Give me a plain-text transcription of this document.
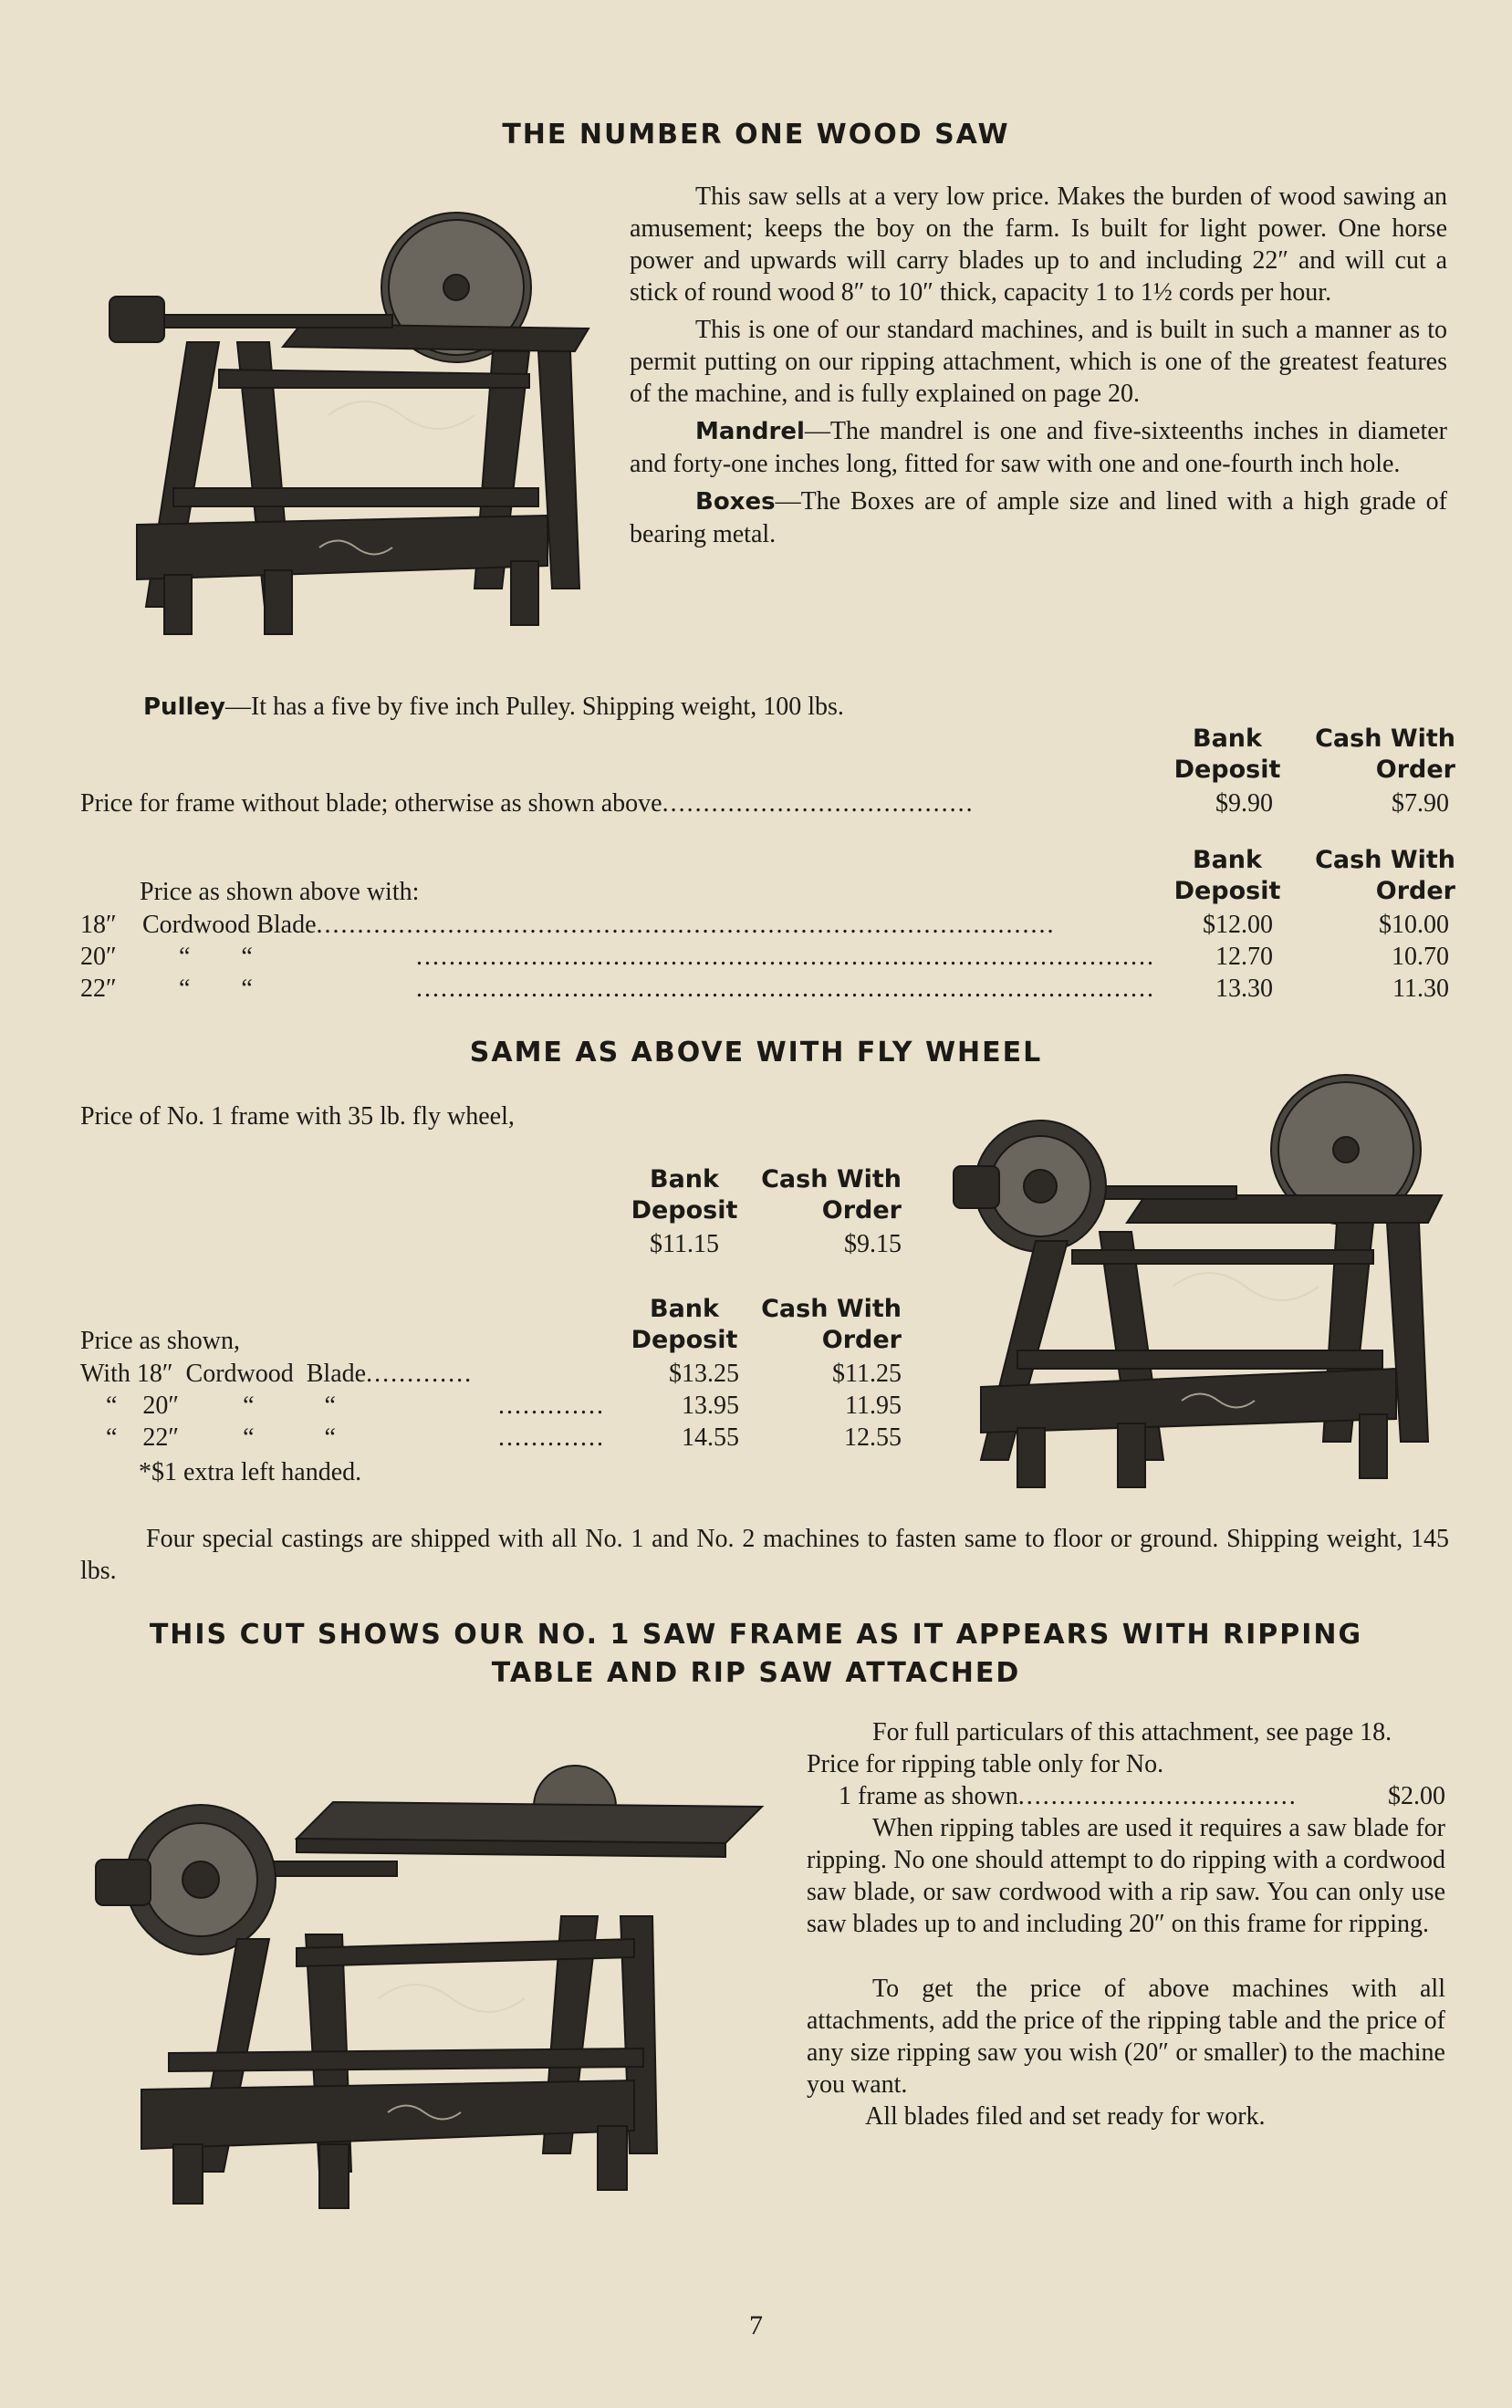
THE NUMBER ONE WOOD SAW

This saw sells at a very low price. Makes the burden of wood sawing an amusement; keeps the boy on the farm. Is built for light power. One horse power and upwards will carry blades up to and including 22″ and will cut a stick of round wood 8″ to 10″ thick, capacity 1 to 1½ cords per hour.

This is one of our standard machines, and is built in such a manner as to permit putting on our ripping attachment, which is one of the greatest features of the machine, and is fully explained on page 20.

Mandrel—The mandrel is one and five-sixteenths inches in diameter and forty-one inches long, fitted for saw with one and one-fourth inch hole.

Boxes—The Boxes are of ample size and lined with a high grade of bearing metal.

Pulley—It has a five by five inch Pulley. Shipping weight, 100 lbs.
Bank
Deposit
Cash With
Order
Price for frame without blade; otherwise as shown above ......................................	$9.90	$7.90
Bank
Deposit
Cash With
Order
Price as shown above with:
18″	Cordwood Blade ..........................................................................................	$12.00	$10.00
20″	“        “	..........................................................................................	12.70	10.70
22″	“        “	..........................................................................................	13.30	11.30
SAME AS ABOVE WITH FLY WHEEL
Price of No. 1 frame with 35 lb. fly wheel,
Bank
Deposit
Cash With
Order
$11.15	$9.15
Bank
Deposit
Cash With
Order
Price as shown,
With 18″  Cordwood  Blade .............	$13.25	$11.25
“    20″          “           “	.............	13.95	11.95
“    22″          “           “	.............	14.55	12.55
*$1 extra left handed.
Four special castings are shipped with all No. 1 and No. 2 machines to fasten same to floor or ground. Shipping weight, 145 lbs.
THIS CUT SHOWS OUR NO. 1 SAW FRAME AS IT APPEARS WITH RIPPING
TABLE AND RIP SAW ATTACHED

For full particulars of this attachment, see page 18.

Price for ripping table only for No.
1 frame as shown ..................................	$2.00

When ripping tables are used it requires a saw blade for ripping. No one should attempt to do ripping with a cordwood saw blade, or saw cordwood with a rip saw. You can only use saw blades up to and including 20″ on this frame for ripping.

To get the price of above machines with all attachments, add the price of the ripping table and the price of any size ripping saw you wish (20″ or smaller) to the machine you want.

All blades filed and set ready for work.

7
